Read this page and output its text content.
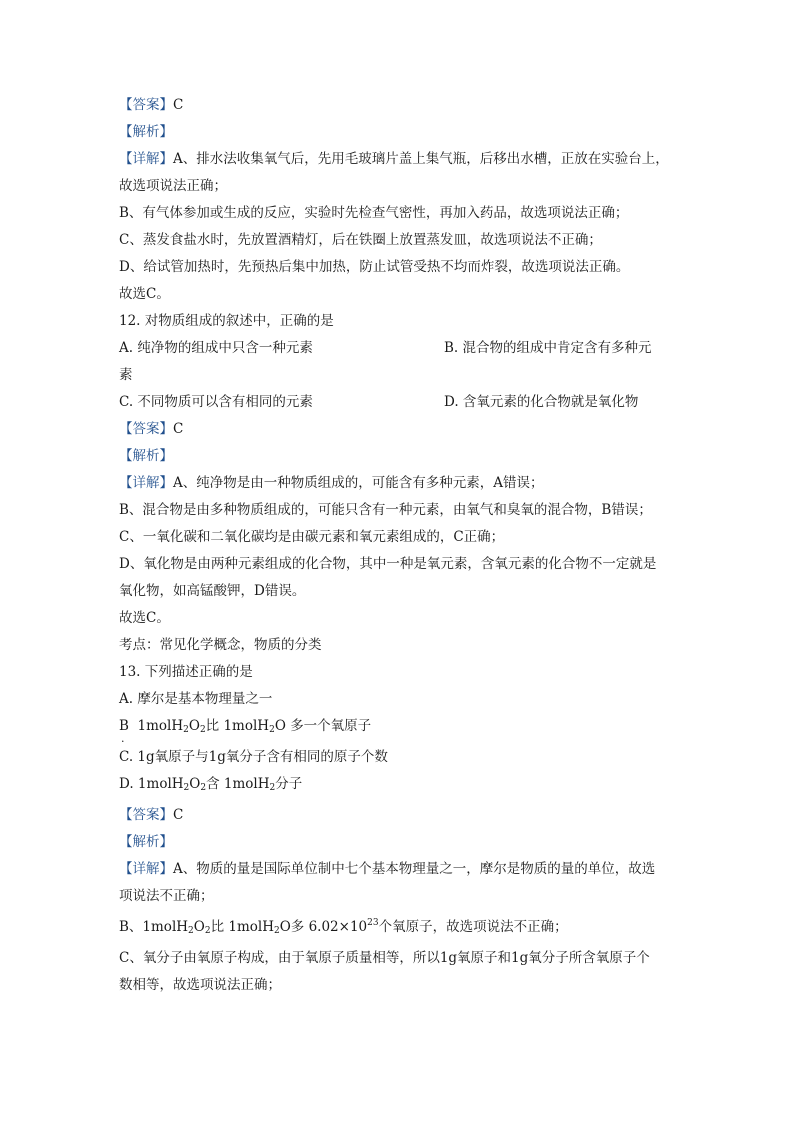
【答案】C
【解析】
【详解】A、排水法收集氧气后，先用毛玻璃片盖上集气瓶，后移出水槽，正放在实验台上，
故选项说法正确；
B、有气体参加或生成的反应，实验时先检查气密性，再加入药品，故选项说法正确；
C、蒸发食盐水时，先放置酒精灯，后在铁圈上放置蒸发皿，故选项说法不正确；
D、给试管加热时，先预热后集中加热，防止试管受热不均而炸裂，故选项说法正确。
故选C。
12. 对物质组成的叙述中，正确的是
A. 纯净物的组成中只含一种元素	B. 混合物的组成中肯定含有多种元
素
C. 不同物质可以含有相同的元素	D. 含氧元素的化合物就是氧化物
【答案】C
【解析】
【详解】A、纯净物是由一种物质组成的，可能含有多种元素，A错误；
B、混合物是由多种物质组成的，可能只含有一种元素，由氧气和臭氧的混合物，B错误；
C、一氧化碳和二氧化碳均是由碳元素和氧元素组成的，C正确；
D、氧化物是由两种元素组成的化合物，其中一种是氧元素，含氧元素的化合物不一定就是
氧化物，如高锰酸钾，D错误。
故选C。
考点：常见化学概念，物质的分类
13. 下列描述正确的是
A. 摩尔是基本物理量之一
B $1molH_2O_2$比 1molH$_2$O 多一个氧原子
.
C. 1g氧原子与1g氧分子含有相同的原子个数
D. $1molH_2O_2$含 1molH$_2$分子
【答案】C
【解析】
【详解】A、物质的量是国际单位制中七个基本物理量之一，摩尔是物质的量的单位，故选
项说法不正确；
B、$1molH_2O_2$比 1molH$_2$O多 $6.02\times 10^{23}$个氧原子，故选项说法不正确；
C、氧分子由氧原子构成，由于氧原子质量相等，所以1g氧原子和1g氧分子所含氧原子个
数相等，故选项说法正确；
